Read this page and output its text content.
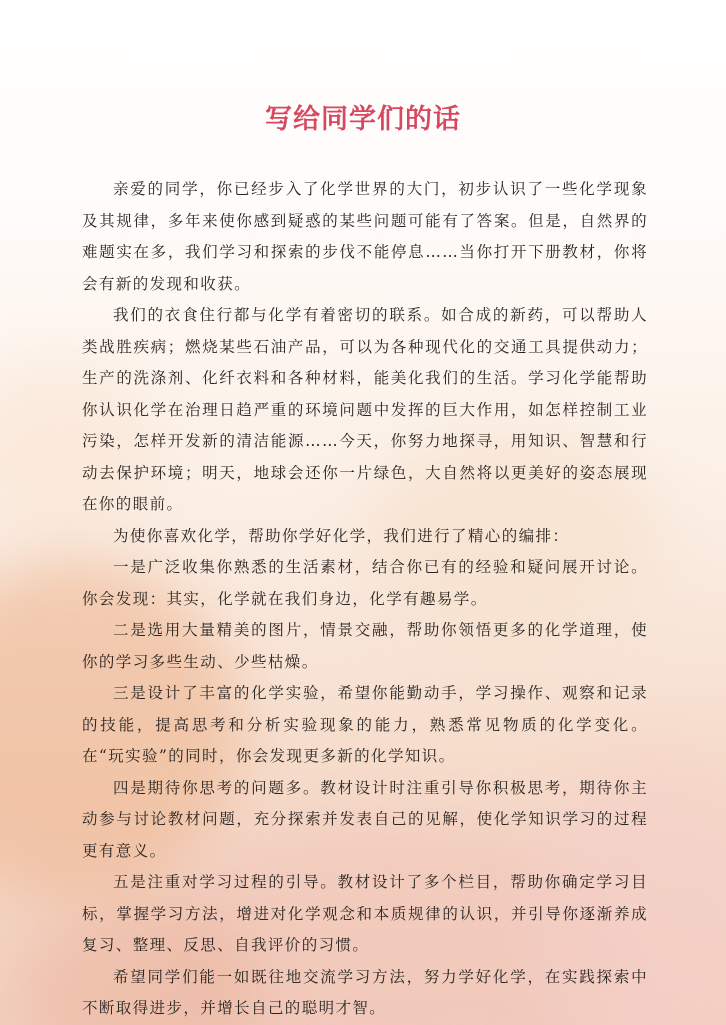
写给同学们的话

亲爱的同学，你已经步入了化学世界的大门，初步认识了一些化学现象及其规律，多年来使你感到疑惑的某些问题可能有了答案。但是，自然界的难题实在多，我们学习和探索的步伐不能停息……当你打开下册教材，你将会有新的发现和收获。

我们的衣食住行都与化学有着密切的联系。如合成的新药，可以帮助人类战胜疾病；燃烧某些石油产品，可以为各种现代化的交通工具提供动力；生产的洗涤剂、化纤衣料和各种材料，能美化我们的生活。学习化学能帮助你认识化学在治理日趋严重的环境问题中发挥的巨大作用，如怎样控制工业污染，怎样开发新的清洁能源……今天，你努力地探寻，用知识、智慧和行动去保护环境；明天，地球会还你一片绿色，大自然将以更美好的姿态展现在你的眼前。

为使你喜欢化学，帮助你学好化学，我们进行了精心的编排：

一是广泛收集你熟悉的生活素材，结合你已有的经验和疑问展开讨论。你会发现：其实，化学就在我们身边，化学有趣易学。

二是选用大量精美的图片，情景交融，帮助你领悟更多的化学道理，使你的学习多些生动、少些枯燥。

三是设计了丰富的化学实验，希望你能勤动手，学习操作、观察和记录的技能，提高思考和分析实验现象的能力，熟悉常见物质的化学变化。在“玩实验”的同时，你会发现更多新的化学知识。

四是期待你思考的问题多。教材设计时注重引导你积极思考，期待你主动参与讨论教材问题，充分探索并发表自己的见解，使化学知识学习的过程更有意义。

五是注重对学习过程的引导。教材设计了多个栏目，帮助你确定学习目标，掌握学习方法，增进对化学观念和本质规律的认识，并引导你逐渐养成复习、整理、反思、自我评价的习惯。

希望同学们能一如既往地交流学习方法，努力学好化学，在实践探索中不断取得进步，并增长自己的聪明才智。
